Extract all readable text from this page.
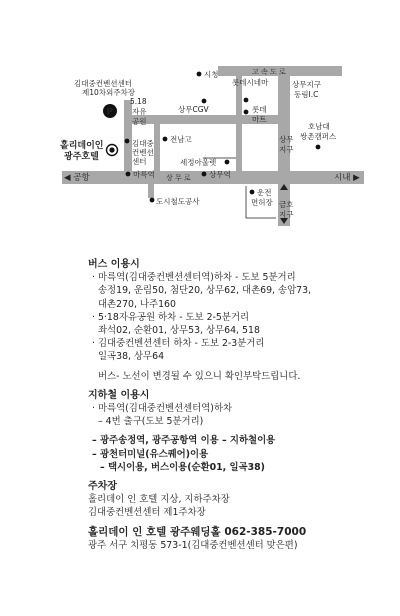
고 속 도 로
상 무 로
◀ 공항	시내 ▶
P
김대중컨벤션센터
제10차외주차장
5.18
자유
공원
시청
롯데시네마
상무CGV	롯데
마트
상무지구
동림I.C
전남고
호남대
쌍촌캠퍼스
상무
지구
김대중
컨벤션
센터
홀리데이인
광주호텔
세정아울렛
마륵역	상무역
도시철도공사
운전
면허장 금호
지구
버스 이용시
· 마륵역(김대중컨벤션센터역)하차 - 도보 5분거리
송정19, 운림50, 첨단20, 상무62, 대촌69, 송암73,
대촌270, 나주160
· 5·18자유공원 하차 - 도보 2-5분거리
좌석02, 순환01, 상무53, 상무64, 518
· 김대중컨벤션센터 하차 - 도보 2-3분거리
일곡38, 상무64
버스- 노선이 변경될 수 있으니 확인부탁드립니다.
지하철 이용시
· 마륵역(김대중컨벤션센터역)하차
– 4번 출구(도보 5분거리)
– 광주송정역, 광주공항역 이용 – 지하철이용
– 광천터미널(유스퀘어)이용
– 택시이용, 버스이용(순환01, 일곡38)
주차장
홀리데이 인 호텔 지상, 지하주차장
김대중컨벤션센터 제1주차장
홀리데이 인 호텔 광주웨딩홀 062-385-7000
광주 서구 치평동 573-1(김대중컨벤션센터 맞은편)
